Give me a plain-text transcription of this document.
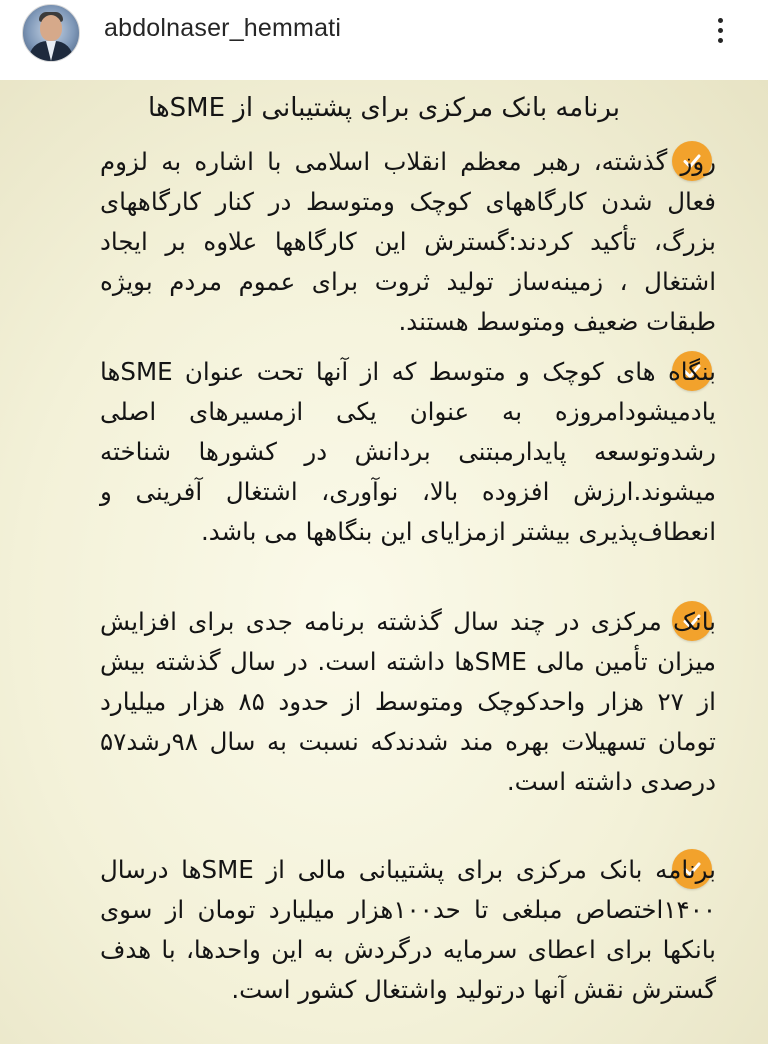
abdolnaser_hemmati
برنامه بانک مرکزی برای پشتیبانی از SMEها

روز گذشته، رهبر معظم انقلاب اسلامی با اشاره به لزوم فعال شدن کارگاههای کوچک ومتوسط در کنار کارگاههای بزرگ، تأکید کردند:گسترش این کارگاهها علاوه بر ایجاد اشتغال ، زمینه‌ساز تولید ثروت برای عموم مردم بویژه طبقات ضعیف ومتوسط هستند.

بنگاه های کوچک و متوسط که از آنها تحت عنوان SMEها یادمیشودامروزه به عنوان یکی ازمسیرهای اصلی رشدوتوسعه پایدارمبتنی بردانش در کشورها شناخته میشوند.ارزش افزوده بالا، نوآوری، اشتغال آفرینی و انعطاف‌پذیری بیشتر ازمزایای این بنگاهها می باشد.

بانک مرکزی در چند سال گذشته برنامه جدی برای افزایش میزان تأمین مالی SMEها داشته است. در سال گذشته بیش از ۲۷ هزار واحدکوچک ومتوسط از حدود ۸۵ هزار میلیارد تومان تسهیلات بهره مند شدندکه نسبت به سال ۹۸رشد۵۷ درصدی داشته است.

برنامه بانک مرکزی برای پشتیبانی مالی از SMEها درسال ۱۴۰۰اختصاص مبلغی تا حد۱۰۰هزار میلیارد تومان از سوی بانکها برای اعطای سرمایه درگردش به این واحدها، با هدف گسترش نقش آنها درتولید واشتغال کشور است.
